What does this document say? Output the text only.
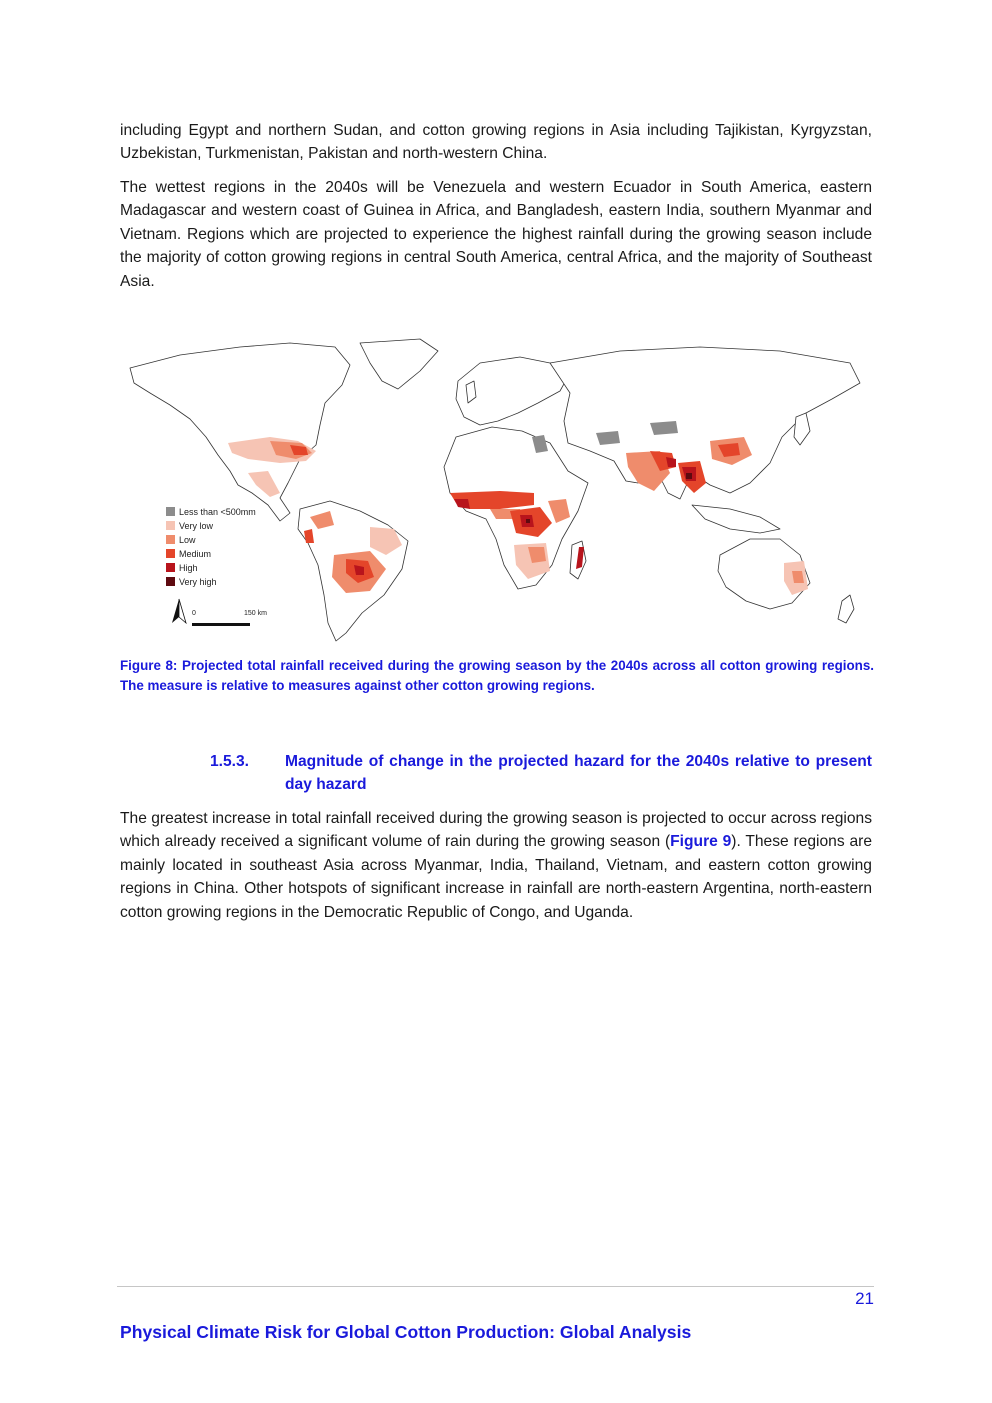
including Egypt and northern Sudan, and cotton growing regions in Asia including Tajikistan, Kyrgyzstan, Uzbekistan, Turkmenistan, Pakistan and north-western China.

The wettest regions in the 2040s will be Venezuela and western Ecuador in South America, eastern Madagascar and western coast of Guinea in Africa, and Bangladesh, eastern India, southern Myanmar and Vietnam. Regions which are projected to experience the highest rainfall during the growing season include the majority of cotton growing regions in central South America, central Africa, and the majority of Southeast Asia.

Less than <500mm
Very low
Low
Medium
High
Very high
0	150 km

Figure 8: Projected total rainfall received during the growing season by the 2040s across all cotton growing regions. The measure is relative to measures against other cotton growing regions.

1.5.3.	Magnitude of change in the projected hazard for the 2040s relative to present day hazard

The greatest increase in total rainfall received during the growing season is projected to occur across regions which already received a significant volume of rain during the growing season (Figure 9). These regions are mainly located in southeast Asia across Myanmar, India, Thailand, Vietnam, and eastern cotton growing regions in China. Other hotspots of significant increase in rainfall are north-eastern Argentina, north-eastern cotton growing regions in the Democratic Republic of Congo, and Uganda.

21
Physical Climate Risk for Global Cotton Production: Global Analysis
